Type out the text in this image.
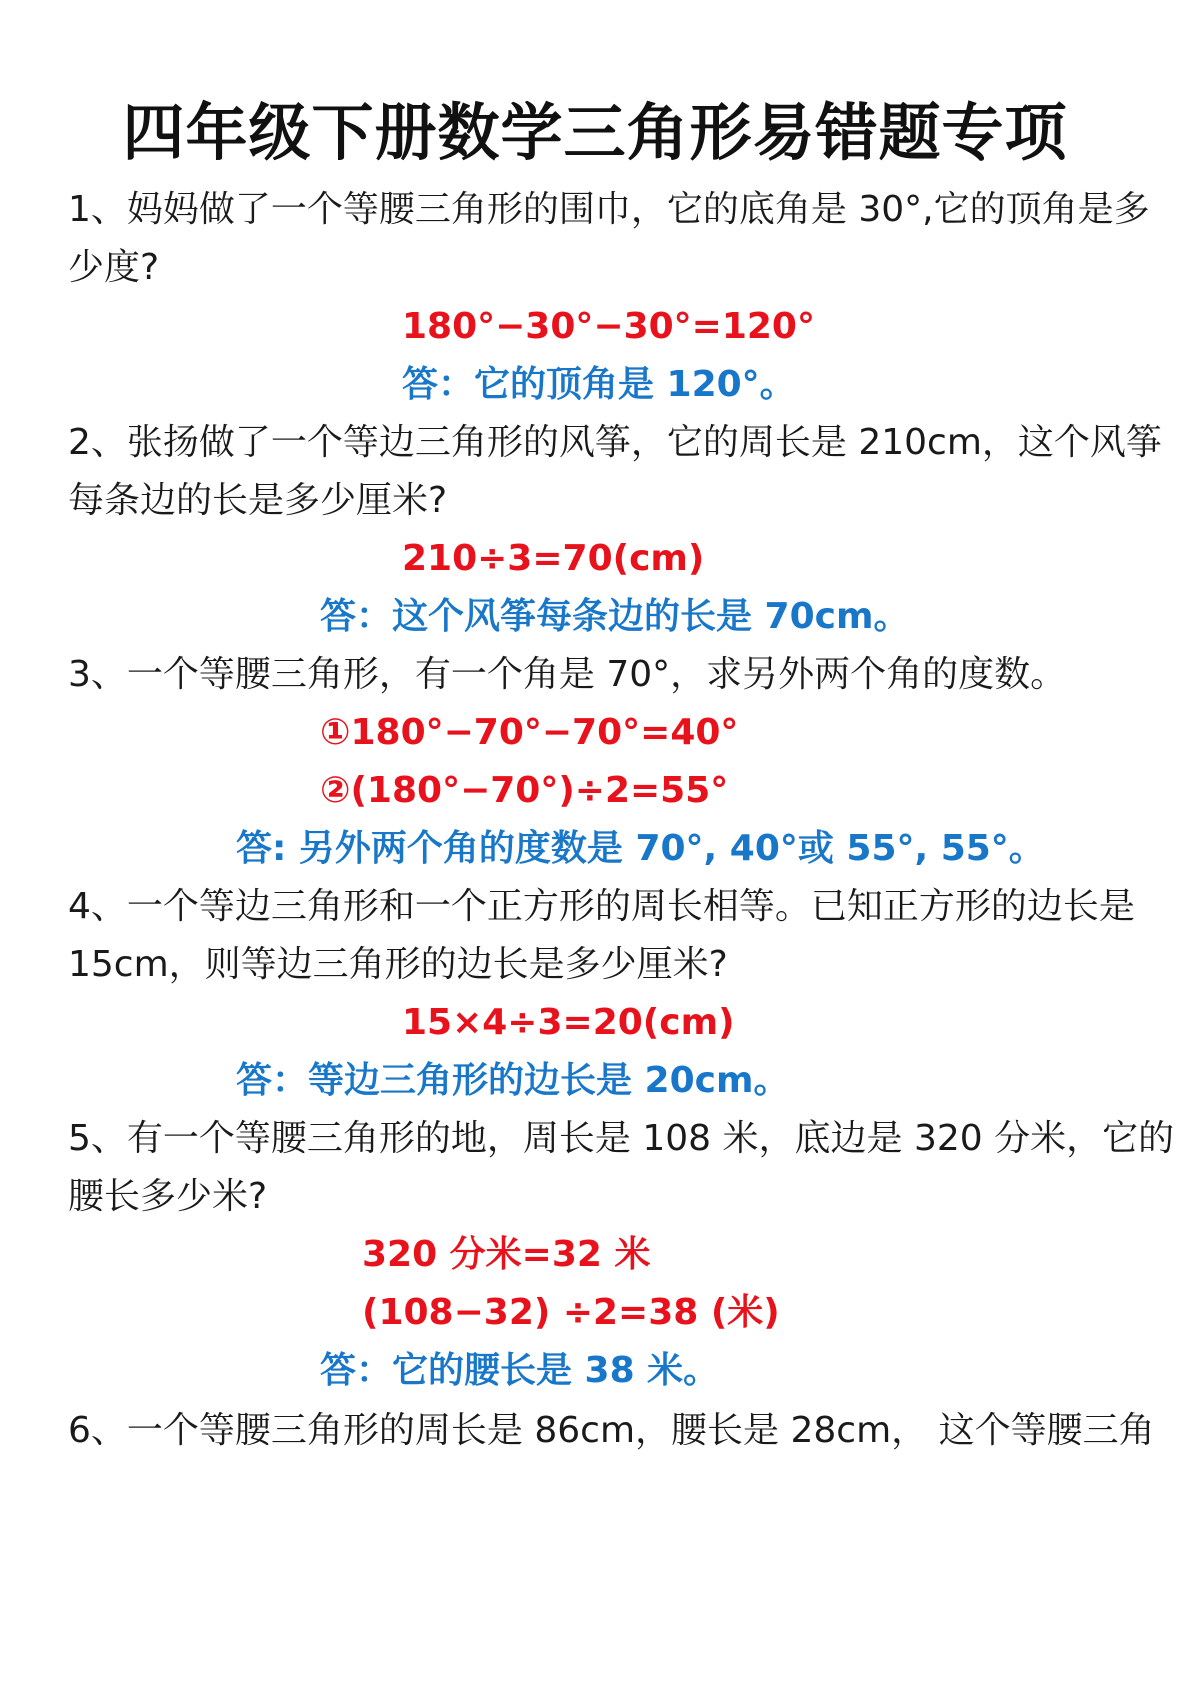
四年级下册数学三角形易错题专项
1、妈妈做了一个等腰三角形的围巾，它的底角是 30°,它的顶角是多
少度?
180°−30°−30°=120°
答：它的顶角是 120°。
2、张扬做了一个等边三角形的风筝，它的周长是 210cm，这个风筝
每条边的长是多少厘米?
210÷3=70(cm)
答：这个风筝每条边的长是 70cm。
3、一个等腰三角形，有一个角是 70°，求另外两个角的度数。
①180°−70°−70°=40°
②(180°−70°)÷2=55°
答: 另外两个角的度数是 70°, 40°或 55°, 55°。
4、一个等边三角形和一个正方形的周长相等。已知正方形的边长是
15cm，则等边三角形的边长是多少厘米?
15×4÷3=20(cm)
答：等边三角形的边长是 20cm。
5、有一个等腰三角形的地，周长是 108 米，底边是 320 分米，它的
腰长多少米?
320 分米=32 米
(108−32) ÷2=38 (米)
答：它的腰长是 38 米。
6、一个等腰三角形的周长是 86cm，腰长是 28cm， 这个等腰三角
